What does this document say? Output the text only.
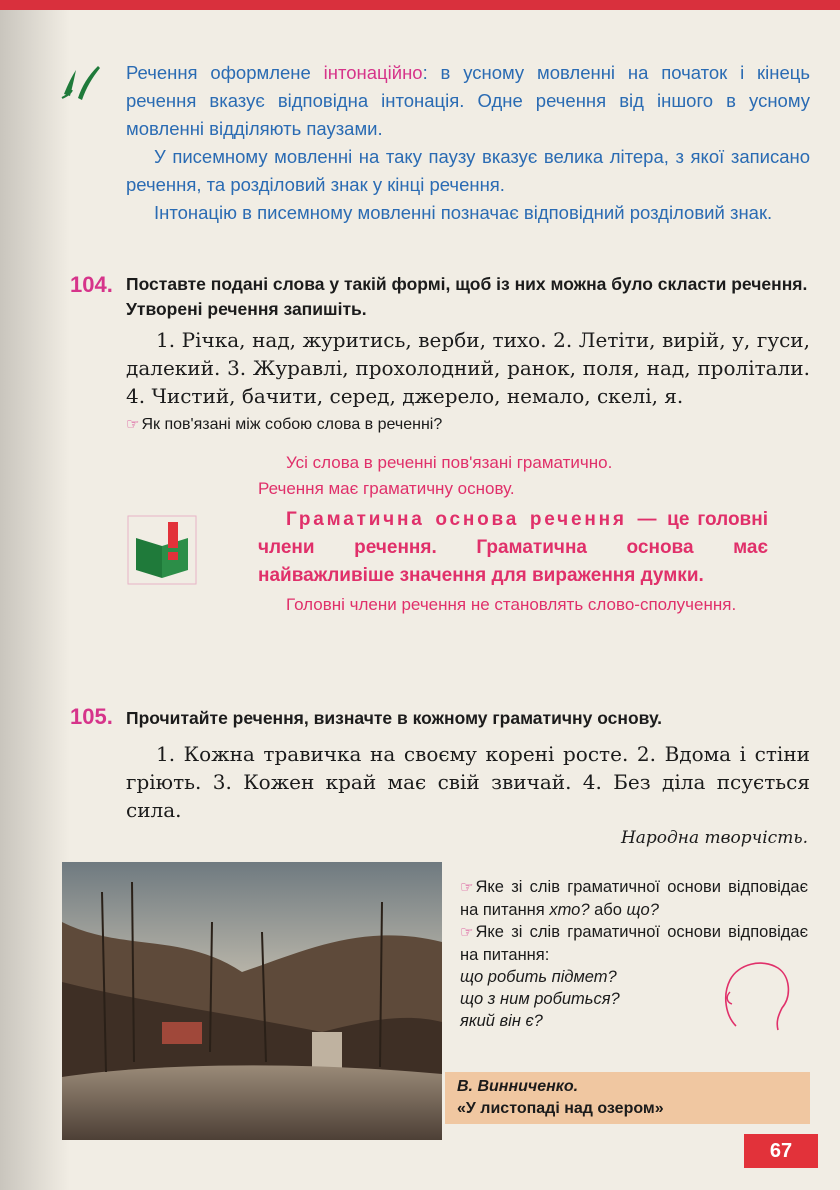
Речення оформлене інтонаційно: в усному мовленні на початок і кінець речення вказує відповідна інтонація. Одне речення від іншого в усному мовленні відділяють паузами.

У писемному мовленні на таку паузу вказує велика літера, з якої записано речення, та розділовий знак у кінці речення.

Інтонацію в писемному мовленні позначає відповідний розділовий знак.

104. Поставте подані слова у такій формі, щоб із них можна було скласти речення. Утворені речення запишіть.

1. Річка, над, журитись, верби, тихо. 2. Летіти, вирій, у, гуси, далекий. 3. Журавлі, прохолодний, ранок, поля, над, пролітали. 4. Чистий, бачити, серед, джерело, немало, скелі, я.

☞ Як пов'язані між собою слова в реченні?

Усі слова в реченні пов'язані граматично.

Речення має граматичну основу.

Граматична основа речення — це головні члени речення. Граматична основа має найважливіше значення для вираження думки.

Головні члени речення не становлять слово-сполучення.

105. Прочитайте речення, визначте в кожному граматичну основу.

1. Кожна травичка на своєму корені росте. 2. Вдома і стіни гріють. 3. Кожен край має свій звичай. 4. Без діла псується сила.

Народна творчість.

☞ Яке зі слів граматичної основи відповідає на питання хто? або що?

☞ Яке зі слів граматичної основи відповідає на питання:

що робить підмет?

що з ним робиться?

який він є?

В. Винниченко.
«У листопаді над озером»
67
